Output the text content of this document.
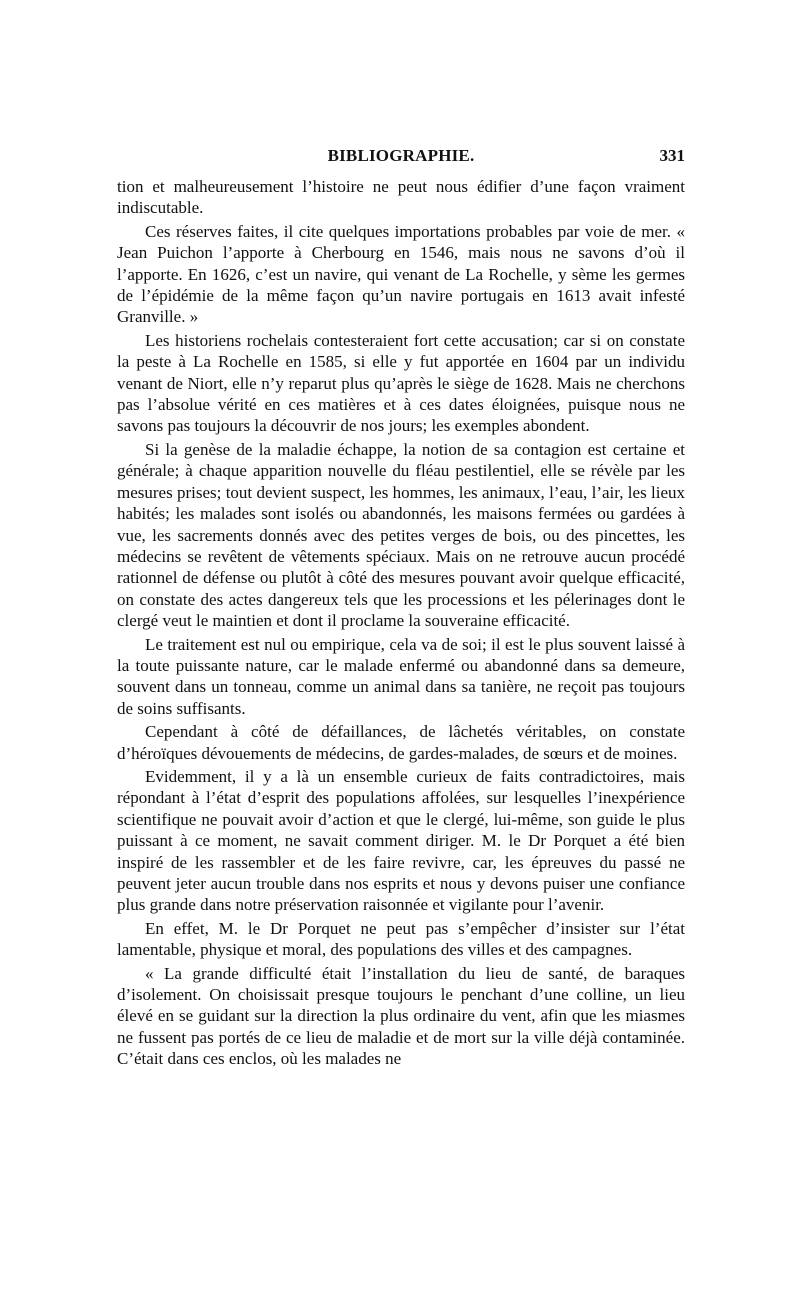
BIBLIOGRAPHIE.	331

tion et malheureusement l’histoire ne peut nous édifier d’une façon vraiment indiscutable.

Ces réserves faites, il cite quelques importations probables par voie de mer. « Jean Puichon l’apporte à Cherbourg en 1546, mais nous ne savons d’où il l’apporte. En 1626, c’est un navire, qui venant de La Rochelle, y sème les germes de l’épidémie de la même façon qu’un navire portugais en 1613 avait infesté Granville. »

Les historiens rochelais contesteraient fort cette accusation; car si on constate la peste à La Rochelle en 1585, si elle y fut apportée en 1604 par un individu venant de Niort, elle n’y reparut plus qu’après le siège de 1628. Mais ne cherchons pas l’absolue vérité en ces matières et à ces dates éloignées, puisque nous ne savons pas toujours la découvrir de nos jours; les exemples abondent.

Si la genèse de la maladie échappe, la notion de sa contagion est certaine et générale; à chaque apparition nouvelle du fléau pestilentiel, elle se révèle par les mesures prises; tout devient suspect, les hommes, les animaux, l’eau, l’air, les lieux habités; les malades sont isolés ou abandonnés, les maisons fermées ou gardées à vue, les sacrements donnés avec des petites verges de bois, ou des pincettes, les médecins se revêtent de vêtements spéciaux. Mais on ne retrouve aucun procédé rationnel de défense ou plutôt à côté des mesures pouvant avoir quelque efficacité, on constate des actes dangereux tels que les processions et les pélerinages dont le clergé veut le maintien et dont il proclame la souveraine efficacité.

Le traitement est nul ou empirique, cela va de soi; il est le plus souvent laissé à la toute puissante nature, car le malade enfermé ou abandonné dans sa demeure, souvent dans un tonneau, comme un animal dans sa tanière, ne reçoit pas toujours de soins suffisants.

Cependant à côté de défaillances, de lâchetés véritables, on constate d’héroïques dévouements de médecins, de gardes-malades, de sœurs et de moines.

Evidemment, il y a là un ensemble curieux de faits contradictoires, mais répondant à l’état d’esprit des populations affolées, sur lesquelles l’inexpérience scientifique ne pouvait avoir d’action et que le clergé, lui-même, son guide le plus puissant à ce moment, ne savait comment diriger. M. le Dr Porquet a été bien inspiré de les rassembler et de les faire revivre, car, les épreuves du passé ne peuvent jeter aucun trouble dans nos esprits et nous y devons puiser une confiance plus grande dans notre préservation raisonnée et vigilante pour l’avenir.

En effet, M. le Dr Porquet ne peut pas s’empêcher d’insister sur l’état lamentable, physique et moral, des populations des villes et des campagnes.

« La grande difficulté était l’installation du lieu de santé, de baraques d’isolement. On choisissait presque toujours le penchant d’une colline, un lieu élevé en se guidant sur la direction la plus ordinaire du vent, afin que les miasmes ne fussent pas portés de ce lieu de maladie et de mort sur la ville déjà contaminée. C’était dans ces enclos, où les malades ne
